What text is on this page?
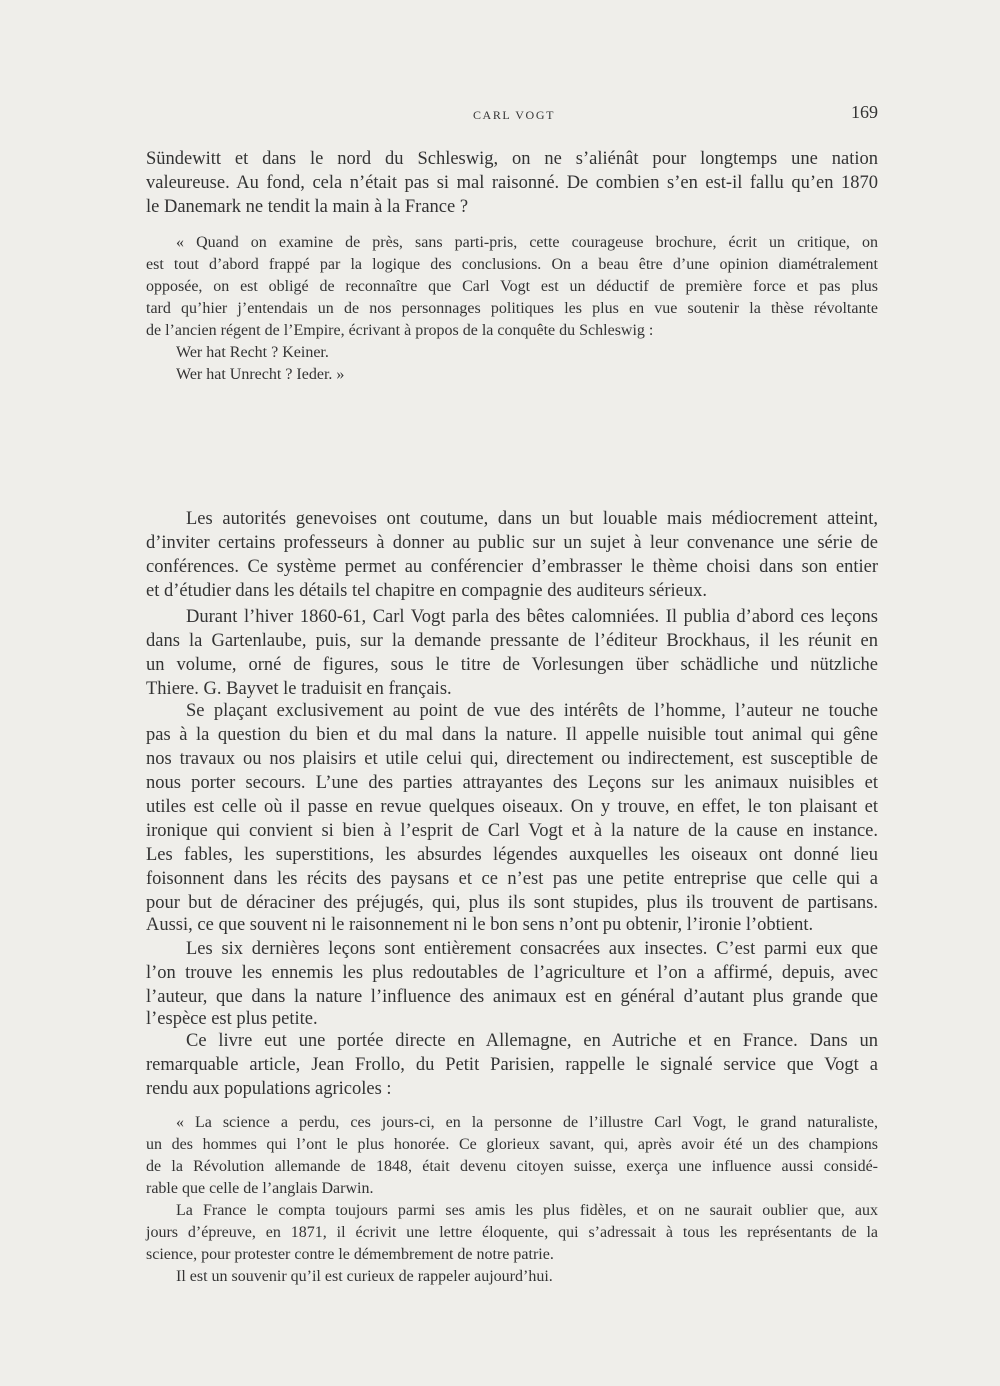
CARL VOGT	169
Sündewitt et dans le nord du Schleswig, on ne s’aliénât pour longtemps une nation
valeureuse. Au fond, cela n’était pas si mal raisonné. De combien s’en est-il fallu qu’en 1870
le Danemark ne tendit la main à la France ?
« Quand on examine de près, sans parti-pris, cette courageuse brochure, écrit un critique, on
est tout d’abord frappé par la logique des conclusions. On a beau être d’une opinion diamétralement
opposée, on est obligé de reconnaître que Carl Vogt est un déductif de première force et pas plus
tard qu’hier j’entendais un de nos personnages politiques les plus en vue soutenir la thèse révoltante
de l’ancien régent de l’Empire, écrivant à propos de la conquête du Schleswig :
Wer hat Recht ? Keiner.
Wer hat Unrecht ? Ieder. »
Les autorités genevoises ont coutume, dans un but louable mais médiocrement atteint,
d’inviter certains professeurs à donner au public sur un sujet à leur convenance une série de
conférences. Ce système permet au conférencier d’embrasser le thème choisi dans son entier
et d’étudier dans les détails tel chapitre en compagnie des auditeurs sérieux.
Durant l’hiver 1860-61, Carl Vogt parla des bêtes calomniées. Il publia d’abord ces leçons
dans la Gartenlaube, puis, sur la demande pressante de l’éditeur Brockhaus, il les réunit en
un volume, orné de figures, sous le titre de Vorlesungen über schädliche und nützliche
Thiere. G. Bayvet le traduisit en français.
Se plaçant exclusivement au point de vue des intérêts de l’homme, l’auteur ne touche
pas à la question du bien et du mal dans la nature. Il appelle nuisible tout animal qui gêne
nos travaux ou nos plaisirs et utile celui qui, directement ou indirectement, est susceptible de
nous porter secours. L’une des parties attrayantes des Leçons sur les animaux nuisibles et
utiles est celle où il passe en revue quelques oiseaux. On y trouve, en effet, le ton plaisant et
ironique qui convient si bien à l’esprit de Carl Vogt et à la nature de la cause en instance.
Les fables, les superstitions, les absurdes légendes auxquelles les oiseaux ont donné lieu
foisonnent dans les récits des paysans et ce n’est pas une petite entreprise que celle qui a
pour but de déraciner des préjugés, qui, plus ils sont stupides, plus ils trouvent de partisans.
Aussi, ce que souvent ni le raisonnement ni le bon sens n’ont pu obtenir, l’ironie l’obtient.
Les six dernières leçons sont entièrement consacrées aux insectes. C’est parmi eux que
l’on trouve les ennemis les plus redoutables de l’agriculture et l’on a affirmé, depuis, avec
l’auteur, que dans la nature l’influence des animaux est en général d’autant plus grande que
l’espèce est plus petite.
Ce livre eut une portée directe en Allemagne, en Autriche et en France. Dans un
remarquable article, Jean Frollo, du Petit Parisien, rappelle le signalé service que Vogt a
rendu aux populations agricoles :
« La science a perdu, ces jours-ci, en la personne de l’illustre Carl Vogt, le grand naturaliste,
un des hommes qui l’ont le plus honorée. Ce glorieux savant, qui, après avoir été un des champions
de la Révolution allemande de 1848, était devenu citoyen suisse, exerça une influence aussi considé-
rable que celle de l’anglais Darwin.
La France le compta toujours parmi ses amis les plus fidèles, et on ne saurait oublier que, aux
jours d’épreuve, en 1871, il écrivit une lettre éloquente, qui s’adressait à tous les représentants de la
science, pour protester contre le démembrement de notre patrie.
Il est un souvenir qu’il est curieux de rappeler aujourd’hui.
